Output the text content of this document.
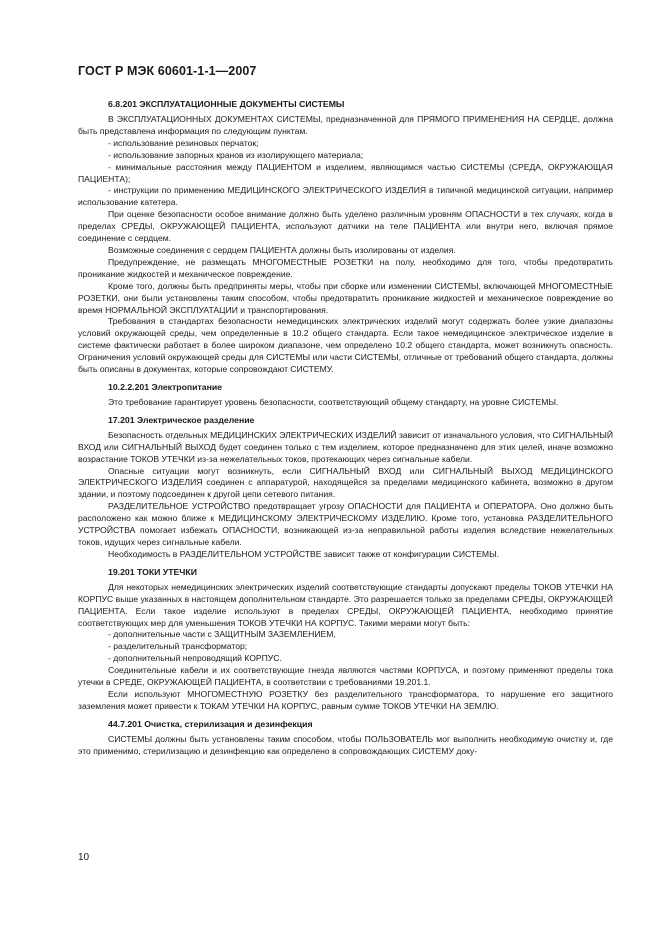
ГОСТ Р МЭК 60601-1-1—2007
6.8.201 ЭКСПЛУАТАЦИОННЫЕ ДОКУМЕНТЫ СИСТЕМЫ

В ЭКСПЛУАТАЦИОННЫХ ДОКУМЕНТАХ СИСТЕМЫ, предназначенной для ПРЯМОГО ПРИМЕНЕНИЯ НА СЕРДЦЕ, должна быть представлена информация по следующим пунктам.

- использование резиновых перчаток;

- использование запорных кранов из изолирующего материала;

- минимальные расстояния между ПАЦИЕНТОМ и изделием, являющимся частью СИСТЕМЫ (СРЕДА, ОКРУЖАЮЩАЯ ПАЦИЕНТА);

- инструкции по применению МЕДИЦИНСКОГО ЭЛЕКТРИЧЕСКОГО ИЗДЕЛИЯ в типичной медицинской ситуации, например использование катетера.

При оценке безопасности особое внимание должно быть уделено различным уровням ОПАСНОСТИ в тех случаях, когда в пределах СРЕДЫ, ОКРУЖАЮЩЕЙ ПАЦИЕНТА, используют датчики на теле ПАЦИЕНТА или внутри него, включая прямое соединение с сердцем.

Возможные соединения с сердцем ПАЦИЕНТА должны быть изолированы от изделия.

Предупреждение, не размещать МНОГОМЕСТНЫЕ РОЗЕТКИ на полу, необходимо для того, чтобы предотвратить проникание жидкостей и механическое повреждение.

Кроме того, должны быть предприняты меры, чтобы при сборке или изменении СИСТЕМЫ, включающей МНОГОМЕСТНЫЕ РОЗЕТКИ, они были установлены таким способом, чтобы предотвратить проникание жидкостей и механическое повреждение во время НОРМАЛЬНОЙ ЭКСПЛУАТАЦИИ и транспортирования.

Требования в стандартах безопасности немедицинских электрических изделий могут содержать более узкие диапазоны условий окружающей среды, чем определенные в 10.2 общего стандарта. Если такое немедицинское электрическое изделие в системе фактически работает в более широком диапазоне, чем определено 10.2 общего стандарта, может возникнуть опасность. Ограничения условий окружающей среды для СИСТЕМЫ или части СИСТЕМЫ, отличные от требований общего стандарта, должны быть описаны в документах, которые сопровождают СИСТЕМУ.

10.2.2.201 Электропитание

Это требование гарантирует уровень безопасности, соответствующий общему стандарту, на уровне СИСТЕМЫ.

17.201 Электрическое разделение

Безопасность отдельных МЕДИЦИНСКИХ ЭЛЕКТРИЧЕСКИХ ИЗДЕЛИЙ зависит от изначального условия, что СИГНАЛЬНЫЙ ВХОД или СИГНАЛЬНЫЙ ВЫХОД будет соединен только с тем изделием, которое предназначено для этих целей, иначе возможно возрастание ТОКОВ УТЕЧКИ из-за нежелательных токов, протекающих через сигнальные кабели.

Опасные ситуации могут возникнуть, если СИГНАЛЬНЫЙ ВХОД или СИГНАЛЬНЫЙ ВЫХОД МЕДИЦИНСКОГО ЭЛЕКТРИЧЕСКОГО ИЗДЕЛИЯ соединен с аппаратурой, находящейся за пределами медицинского кабинета, возможно в другом здании, и поэтому подсоединен к другой цепи сетевого питания.

РАЗДЕЛИТЕЛЬНОЕ УСТРОЙСТВО предотвращает угрозу ОПАСНОСТИ для ПАЦИЕНТА и ОПЕРАТОРА. Оно должно быть расположено как можно ближе к МЕДИЦИНСКОМУ ЭЛЕКТРИЧЕСКОМУ ИЗДЕЛИЮ. Кроме того, установка РАЗДЕЛИТЕЛЬНОГО УСТРОЙСТВА помогает избежать ОПАСНОСТИ, возникающей из-за неправильной работы изделия вследствие нежелательных токов, идущих через сигнальные кабели.

Необходимость в РАЗДЕЛИТЕЛЬНОМ УСТРОЙСТВЕ зависит также от конфигурации СИСТЕМЫ.

19.201 ТОКИ УТЕЧКИ

Для некоторых немедицинских электрических изделий соответствующие стандарты допускают пределы ТОКОВ УТЕЧКИ НА КОРПУС выше указанных в настоящем дополнительном стандарте. Это разрешается только за пределами СРЕДЫ, ОКРУЖАЮЩЕЙ ПАЦИЕНТА. Если такое изделие используют в пределах СРЕДЫ, ОКРУЖАЮЩЕЙ ПАЦИЕНТА, необходимо принятие соответствующих мер для уменьшения ТОКОВ УТЕЧКИ НА КОРПУС. Такими мерами могут быть:

- дополнительные части с ЗАЩИТНЫМ ЗАЗЕМЛЕНИЕМ,

- разделительный трансформатор;

- дополнительный непроводящий КОРПУС.

Соединительные кабели и их соответствующие гнезда являются частями КОРПУСА, и поэтому применяют пределы тока утечки в СРЕДЕ, ОКРУЖАЮЩЕЙ ПАЦИЕНТА, в соответствии с требованиями 19.201.1.

Если используют МНОГОМЕСТНУЮ РОЗЕТКУ без разделительного трансформатора, то нарушение его защитного заземления может привести к ТОКАМ УТЕЧКИ НА КОРПУС, равным сумме ТОКОВ УТЕЧКИ НА ЗЕМЛЮ.

44.7.201 Очистка, стерилизация и дезинфекция

СИСТЕМЫ должны быть установлены таким способом, чтобы ПОЛЬЗОВАТЕЛЬ мог выполнить необходимую очистку и, где это применимо, стерилизацию и дезинфекцию как определено в сопровождающих СИСТЕМУ доку-

10
